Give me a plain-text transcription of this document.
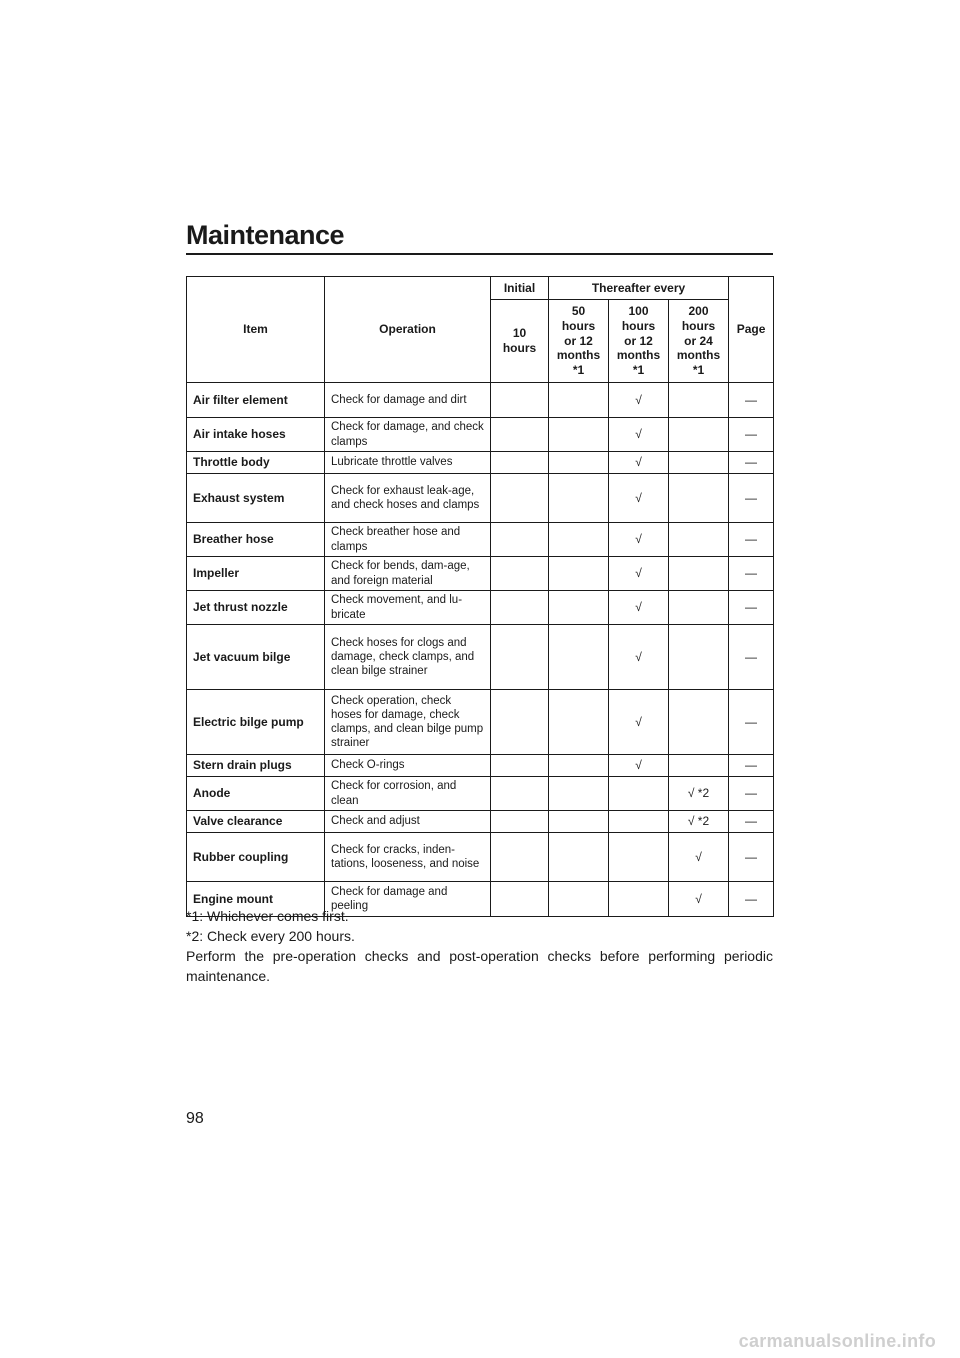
Maintenance
Item	Operation	Initial	Thereafter every			Page
		10 hours	50 hours or 12 months *1	100 hours or 12 months *1	200 hours or 24 months *1	
Air filter element	Check for damage and dirt			√		—
Air intake hoses	Check for damage, and check clamps			√		—
Throttle body	Lubricate throttle valves			√		—
Exhaust system	Check for exhaust leak-age, and check hoses and clamps			√		—
Breather hose	Check breather hose and clamps			√		—
Impeller	Check for bends, dam-age, and foreign material			√		—
Jet thrust nozzle	Check movement, and lu-bricate			√		—
Jet vacuum bilge	Check hoses for clogs and damage, check clamps, and clean bilge strainer			√		—
Electric bilge pump	Check operation, check hoses for damage, check clamps, and clean bilge pump strainer			√		—
Stern drain plugs	Check O-rings			√		—
Anode	Check for corrosion, and clean				√ *2	—
Valve clearance	Check and adjust				√ *2	—
Rubber coupling	Check for cracks, inden-tations, looseness, and noise				√	—
Engine mount	Check for damage and peeling				√	—

*1: Whichever comes first.

*2: Check every 200 hours.

Perform the pre-operation checks and post-operation checks before performing periodic maintenance.

98
carmanualsonline.info
